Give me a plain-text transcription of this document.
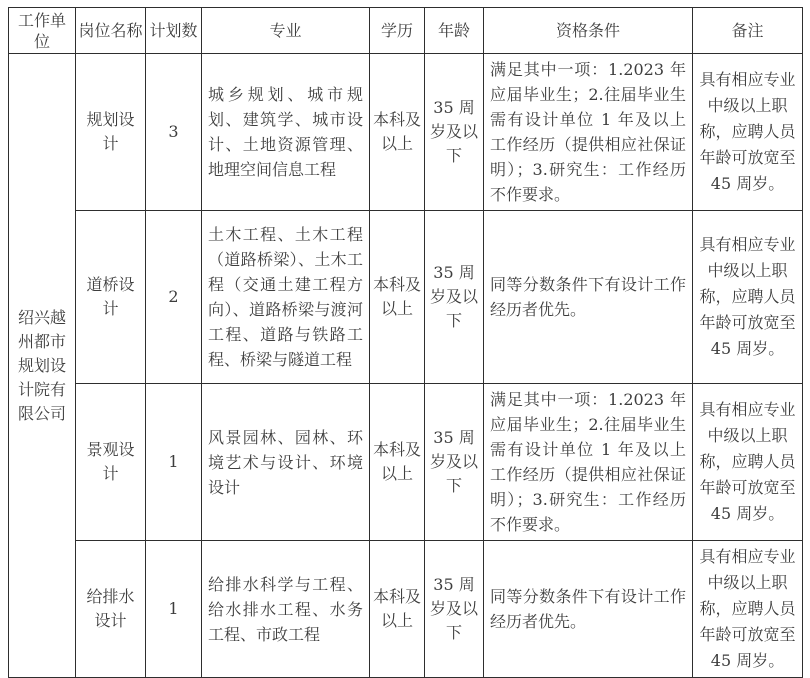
工作单位	岗位名称	计划数	专业	学历	年龄	资格条件	备注
绍兴越州都市规划设计院有限公司	规划设计	3	城乡规划、城市规划、建筑学、城市设计、土地资源管理、地理空间信息工程	本科及以上	35 周岁及以下	满足其中一项：1.2023 年应届毕业生；2.往届毕业生需有设计单位 1 年及以上工作经历（提供相应社保证明）；3.研究生：工作经历不作要求。	具有相应专业中级以上职称，应聘人员年龄可放宽至 45 周岁。
	道桥设计	2	土木工程、土木工程（道路桥梁）、土木工程（交通土建工程方向）、道路桥梁与渡河工程、道路与铁路工程、桥梁与隧道工程	本科及以上	35 周岁及以下	同等分数条件下有设计工作经历者优先。	具有相应专业中级以上职称，应聘人员年龄可放宽至 45 周岁。
	景观设计	1	风景园林、园林、环境艺术与设计、环境设计	本科及以上	35 周岁及以下	满足其中一项：1.2023 年应届毕业生；2.往届毕业生需有设计单位 1 年及以上工作经历（提供相应社保证明）；3.研究生：工作经历不作要求。	具有相应专业中级以上职称，应聘人员年龄可放宽至 45 周岁。
	给排水设计	1	给排水科学与工程、给水排水工程、水务工程、市政工程	本科及以上	35 周岁及以下	同等分数条件下有设计工作经历者优先。	具有相应专业中级以上职称，应聘人员年龄可放宽至 45 周岁。
